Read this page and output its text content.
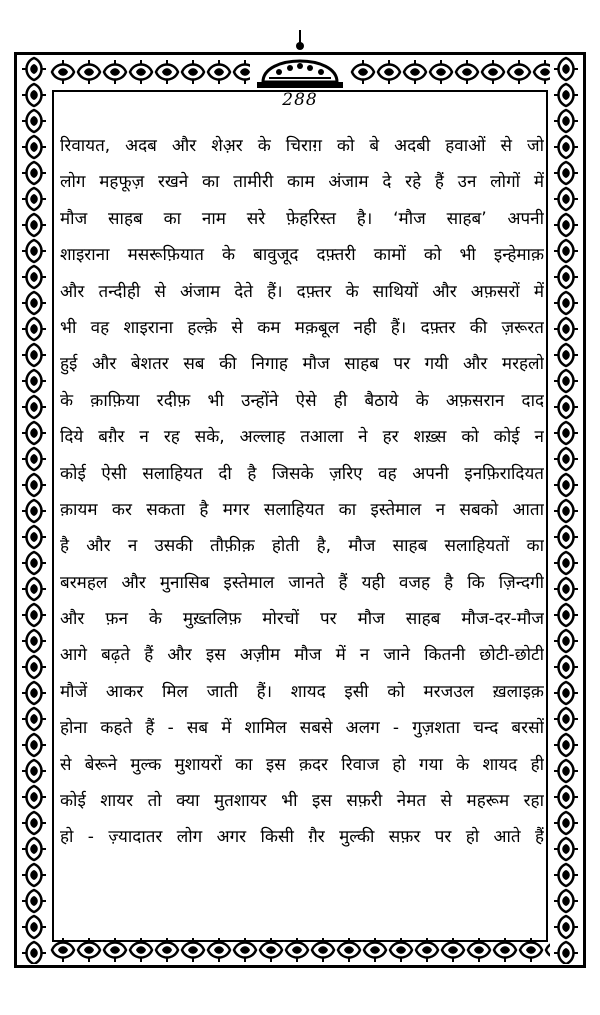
288
रिवायत, अदब और शेअ़र के चिराग़ को बे अदबी हवाओं से जो
लोग महफूज़ रखने का तामीरी काम अंजाम दे रहे हैं उन लोगों में
मौज साहब का नाम सरे फ़ेहरिस्त है। ‘मौज साहब’ अपनी
शाइराना मसरूफ़ियात के बावुजूद दफ़्तरी कामों को भी इन्हेमाक़
और तन्दीही से अंजाम देते हैं। दफ़्तर के साथियों और अफ़सरों में
भी वह शाइराना हल्क़े से कम मक़बूल नही हैं। दफ़्तर की ज़रूरत
हुई और बेशतर सब की निगाह मौज साहब पर गयी और मरहलो
के क़ाफ़िया रदीफ़ भी उन्होंने ऐसे ही बैठाये के अफ़सरान दाद
दिये बग़ैर न रह सके, अल्लाह तआला ने हर शख़्स को कोई न
कोई ऐसी सलाहियत दी है जिसके ज़रिए वह अपनी इनफ़िरादियत
क़ायम कर सकता है मगर सलाहियत का इस्तेमाल न सबको आता
है और न उसकी तौफ़ीक़ होती है, मौज साहब सलाहियतों का
बरमहल और मुनासिब इस्तेमाल जानते हैं यही वजह है कि ज़िन्दगी
और फ़न के मुख़्तलिफ़ मोरचों पर मौज साहब मौज-दर-मौज
आगे बढ़ते हैं और इस अज़ीम मौज में न जाने कितनी छोटी-छोटी
मौजें आकर मिल जाती हैं। शायद इसी को मरजउल ख़लाइक़
होना कहते हैं - सब में शामिल सबसे अलग - गुज़शता चन्द बरसों
से बेरूने मुल्क मुशायरों का इस क़दर रिवाज हो गया के शायद ही
कोई शायर तो क्या मुतशायर भी इस सफ़री नेमत से महरूम रहा
हो - ज़्यादातर लोग अगर किसी ग़ैर मुल्की सफ़र पर हो आते हैं
